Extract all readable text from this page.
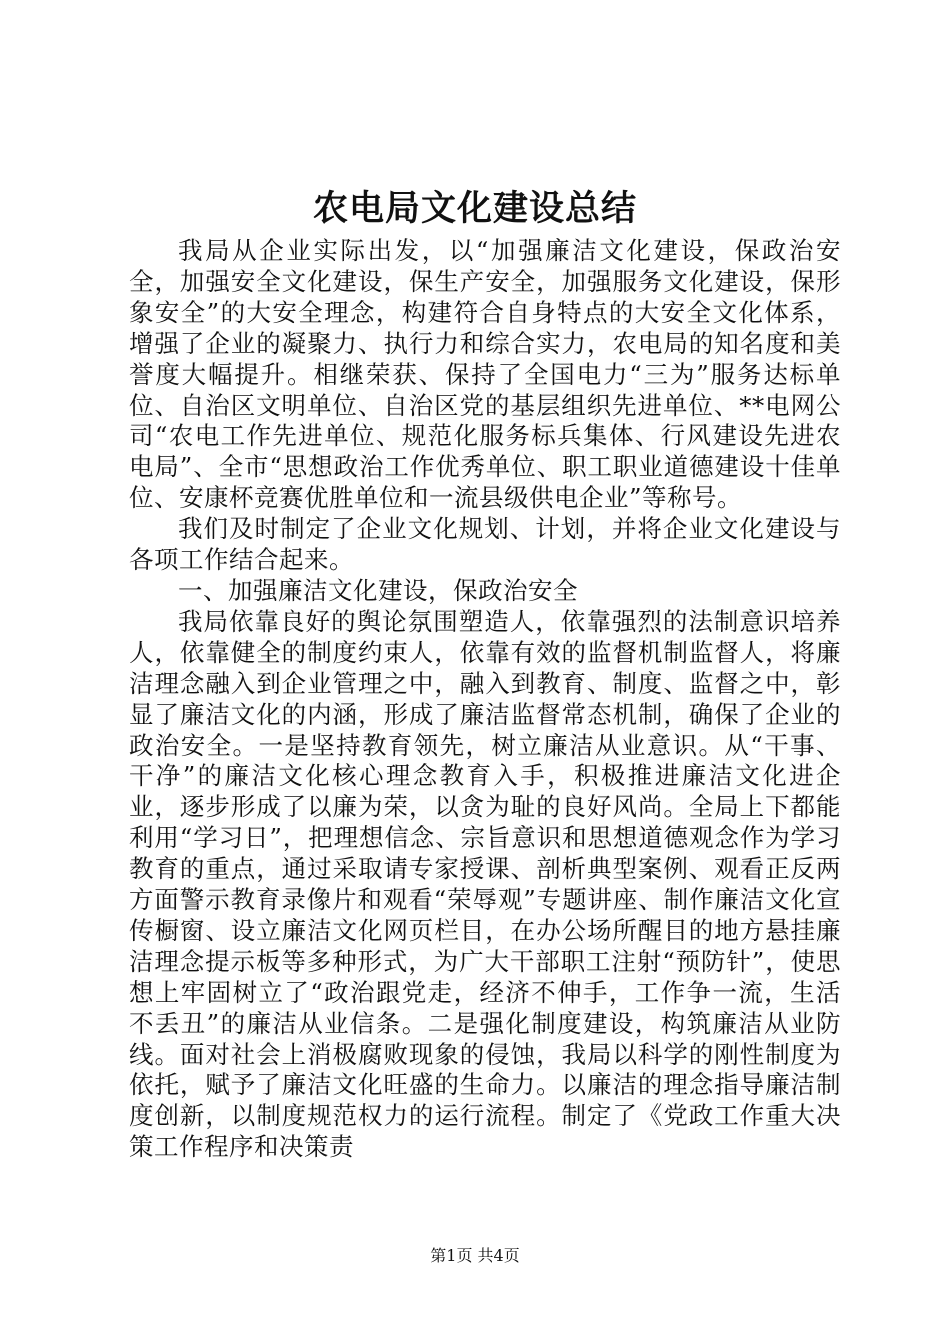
农电局文化建设总结

我局从企业实际出发，以“加强廉洁文化建设，保政治安全，加强安全文化建设，保生产安全，加强服务文化建设，保形象安全”的大安全理念，构建符合自身特点的大安全文化体系，增强了企业的凝聚力、执行力和综合实力，农电局的知名度和美誉度大幅提升。相继荣获、保持了全国电力“三为”服务达标单位、自治区文明单位、自治区党的基层组织先进单位、**电网公司“农电工作先进单位、规范化服务标兵集体、行风建设先进农电局”、全市“思想政治工作优秀单位、职工职业道德建设十佳单位、安康杯竞赛优胜单位和一流县级供电企业”等称号。

我们及时制定了企业文化规划、计划，并将企业文化建设与各项工作结合起来。

一、加强廉洁文化建设，保政治安全

我局依靠良好的舆论氛围塑造人，依靠强烈的法制意识培养人，依靠健全的制度约束人，依靠有效的监督机制监督人，将廉洁理念融入到企业管理之中，融入到教育、制度、监督之中，彰显了廉洁文化的内涵，形成了廉洁监督常态机制，确保了企业的政治安全。一是坚持教育领先，树立廉洁从业意识。从“干事、干净”的廉洁文化核心理念教育入手，积极推进廉洁文化进企业，逐步形成了以廉为荣，以贪为耻的良好风尚。全局上下都能利用“学习日”，把理想信念、宗旨意识和思想道德观念作为学习教育的重点，通过采取请专家授课、剖析典型案例、观看正反两方面警示教育录像片和观看“荣辱观”专题讲座、制作廉洁文化宣传橱窗、设立廉洁文化网页栏目，在办公场所醒目的地方悬挂廉洁理念提示板等多种形式，为广大干部职工注射“预防针”，使思想上牢固树立了“政治跟党走，经济不伸手，工作争一流，生活不丢丑”的廉洁从业信条。二是强化制度建设，构筑廉洁从业防线。面对社会上消极腐败现象的侵蚀，我局以科学的刚性制度为依托，赋予了廉洁文化旺盛的生命力。以廉洁的理念指导廉洁制度创新，以制度规范权力的运行流程。制定了《党政工作重大决策工作程序和决策责

第1页 共4页
